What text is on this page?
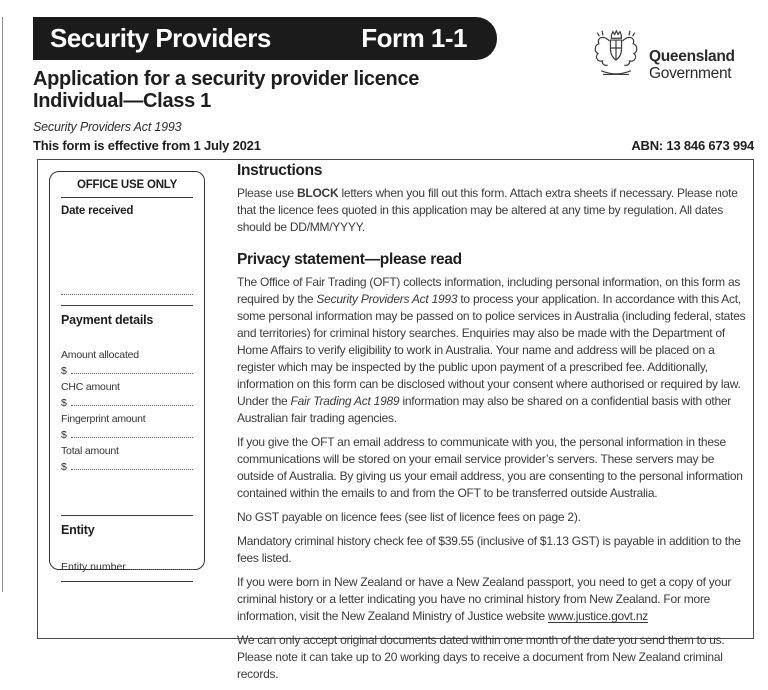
Security Providers	Form 1-1
Queensland
Government
Application for a security provider licence
Individual—Class 1
Security Providers Act 1993
This form is effective from 1 July 2021	ABN: 13 846 673 994
OFFICE USE ONLY
Date received
Payment details
Amount allocated
$
CHC amount
$
Fingerprint amount
$
Total amount
$
Entity
Entity number
Instructions

Please use BLOCK letters when you fill out this form. Attach extra sheets if necessary. Please note that the licence fees quoted in this application may be altered at any time by regulation. All dates should be DD/MM/YYYY.

Privacy statement—please read

The Office of Fair Trading (OFT) collects information, including personal information, on this form as required by the Security Providers Act 1993 to process your application. In accordance with this Act, some personal information may be passed on to police services in Australia (including federal, states and territories) for criminal history searches. Enquiries may also be made with the Department of Home Affairs to verify eligibility to work in Australia. Your name and address will be placed on a register which may be inspected by the public upon payment of a prescribed fee. Additionally, information on this form can be disclosed without your consent where authorised or required by law. Under the Fair Trading Act 1989 information may also be shared on a confidential basis with other Australian fair trading agencies.

If you give the OFT an email address to communicate with you, the personal information in these communications will be stored on your email service provider’s servers. These servers may be outside of Australia. By giving us your email address, you are consenting to the personal information contained within the emails to and from the OFT to be transferred outside Australia.

No GST payable on licence fees (see list of licence fees on page 2).

Mandatory criminal history check fee of $39.55 (inclusive of $1.13 GST) is payable in addition to the fees listed.

If you were born in New Zealand or have a New Zealand passport, you need to get a copy of your criminal history or a letter indicating you have no criminal history from New Zealand. For more information, visit the New Zealand Ministry of Justice website www.justice.govt.nz

We can only accept original documents dated within one month of the date you send them to us. Please note it can take up to 20 working days to receive a document from New Zealand criminal records.
